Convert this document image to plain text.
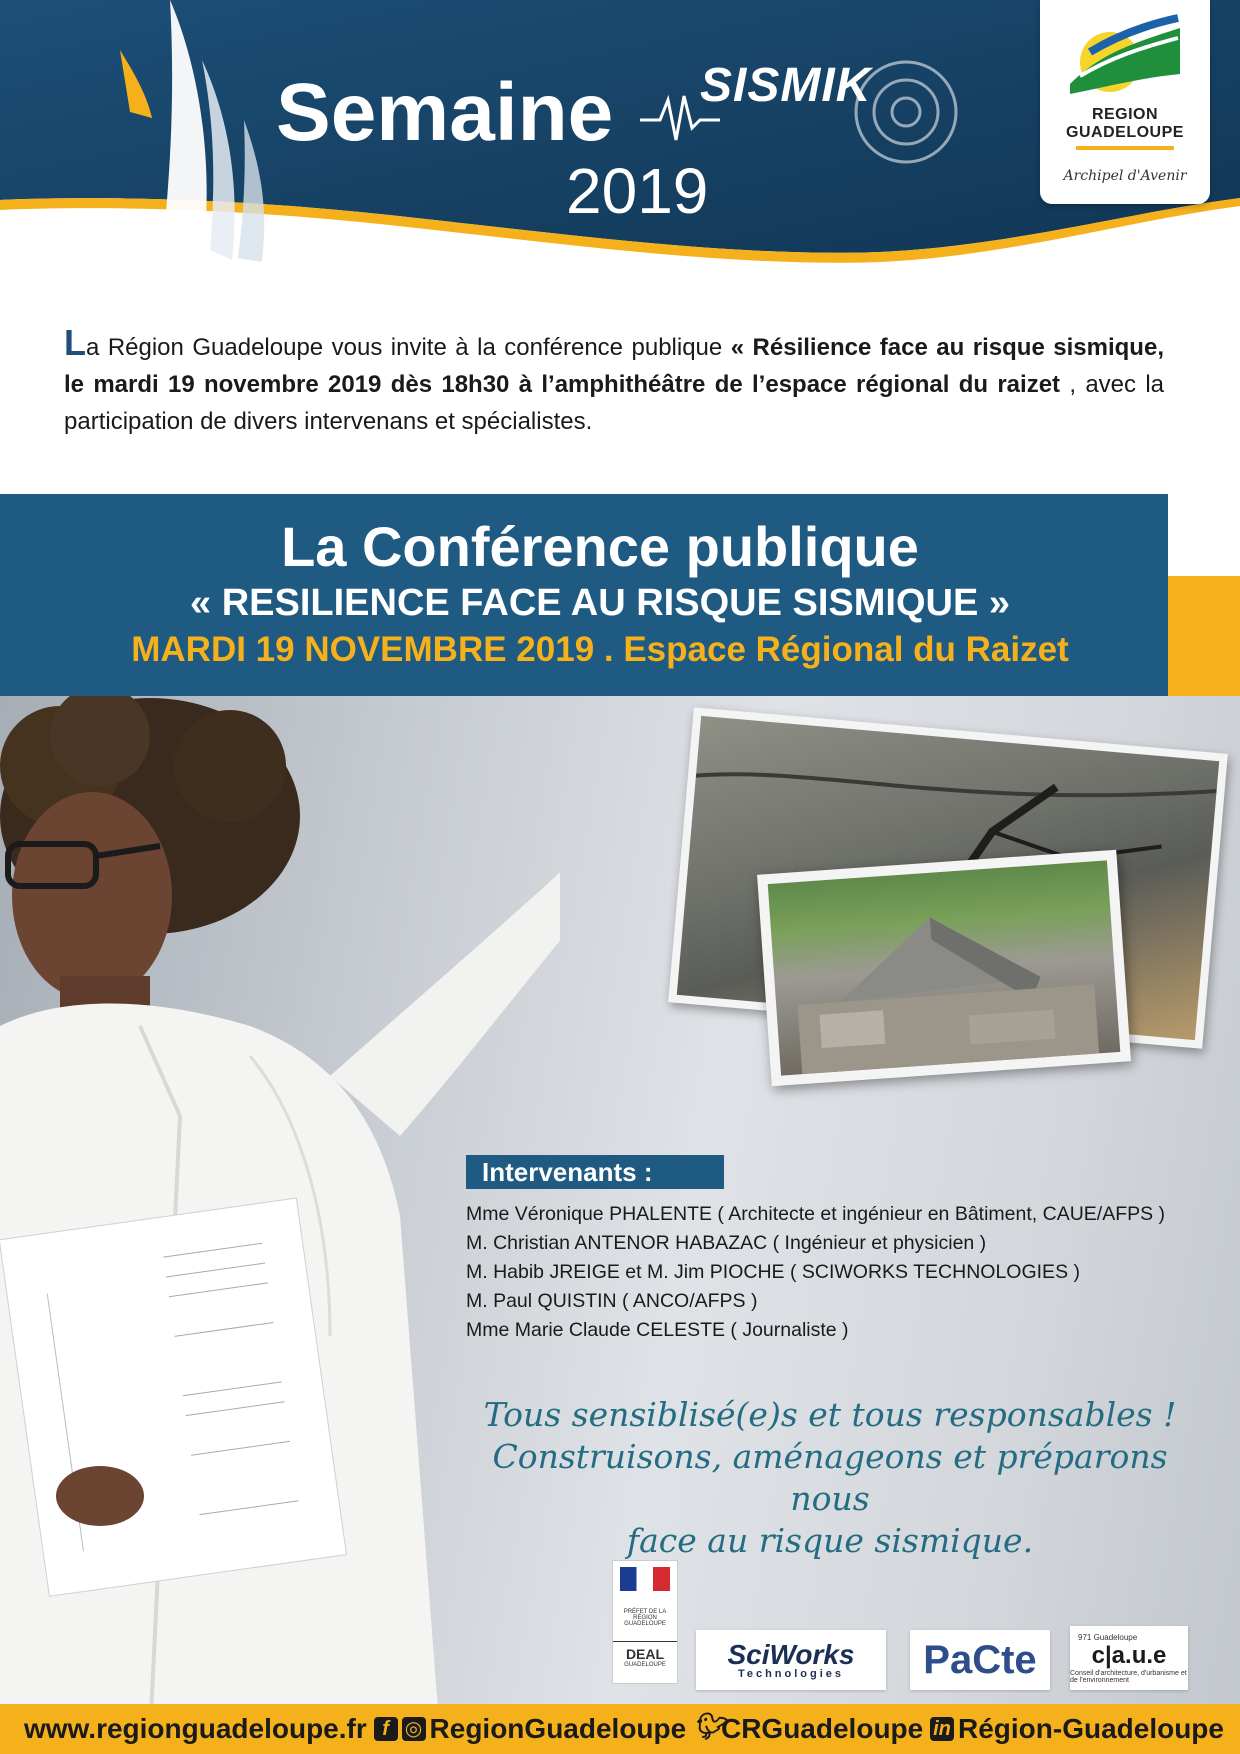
Semaine
2019
SISMIK
REGION
GUADELOUPE
Archipel d'Avenir
La Région Guadeloupe vous invite à la conférence publique « Résilience face au risque sismique, le mardi 19 novembre 2019 dès 18h30 à l’amphithéâtre de l’espace régional du raizet , avec la participation de divers intervenans et spécialistes.
La Conférence publique
« RESILIENCE FACE AU RISQUE SISMIQUE »
MARDI 19 NOVEMBRE 2019 . Espace Régional du Raizet
Intervenants :
Mme Véronique PHALENTE ( Architecte et ingénieur en Bâtiment, CAUE/AFPS )
M. Christian ANTENOR HABAZAC ( Ingénieur et physicien )
M. Habib JREIGE et M. Jim PIOCHE ( SCIWORKS TECHNOLOGIES )
M. Paul QUISTIN ( ANCO/AFPS )
Mme Marie Claude CELESTE ( Journaliste )
Tous sensiblisé(e)s et tous responsables !
Construisons, aménageons et préparons nous
face au risque sismique.
PRÉFET DE LA RÉGION GUADELOUPE
DEAL
GUADELOUPE	SciWorks
Technologies	PaCte
971 Guadeloupe
c|a.u.e
Conseil d'architecture, d'urbanisme et de l'environnement
www.regionguadeloupe.fr f ◎ RegionGuadeloupe 🐦︎CRGuadeloupe in Région-Guadeloupe
